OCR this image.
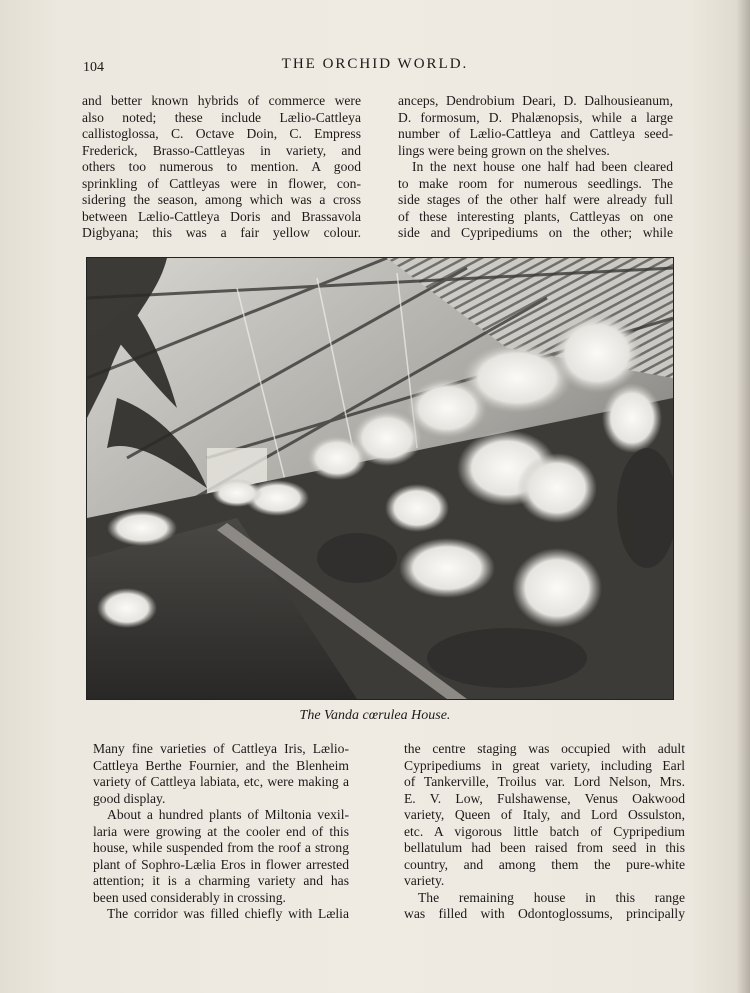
104	THE ORCHID WORLD.
and better known hybrids of commerce were
also noted; these include Lælio-Cattleya
callistoglossa, C. Octave Doin, C. Empress
Frederick, Brasso-Cattleyas in variety, and
others too numerous to mention. A good
sprinkling of Cattleyas were in flower, con-
sidering the season, among which was a cross
between Lælio-Cattleya Doris and Brassavola
Digbyana; this was a fair yellow colour.
anceps, Dendrobium Deari, D. Dalhousieanum,
D. formosum, D. Phalænopsis, while a large
number of Lælio-Cattleya and Cattleya seed-
lings were being grown on the shelves.
In the next house one half had been cleared
to make room for numerous seedlings. The
side stages of the other half were already full
of these interesting plants, Cattleyas on one
side and Cypripediums on the other; while
The Vanda cœrulea House.
Many fine varieties of Cattleya Iris, Lælio-
Cattleya Berthe Fournier, and the Blenheim
variety of Cattleya labiata, etc, were making a
good display.
About a hundred plants of Miltonia vexil-
laria were growing at the cooler end of this
house, while suspended from the roof a strong
plant of Sophro-Lælia Eros in flower arrested
attention; it is a charming variety and has
been used considerably in crossing.
The corridor was filled chiefly with Lælia
the centre staging was occupied with adult
Cypripediums in great variety, including Earl
of Tankerville, Troilus var. Lord Nelson, Mrs.
E. V. Low, Fulshawense, Venus Oakwood
variety, Queen of Italy, and Lord Ossulston,
etc. A vigorous little batch of Cypripedium
bellatulum had been raised from seed in this
country, and among them the pure-white
variety.
The remaining house in this range
was filled with Odontoglossums, principally
